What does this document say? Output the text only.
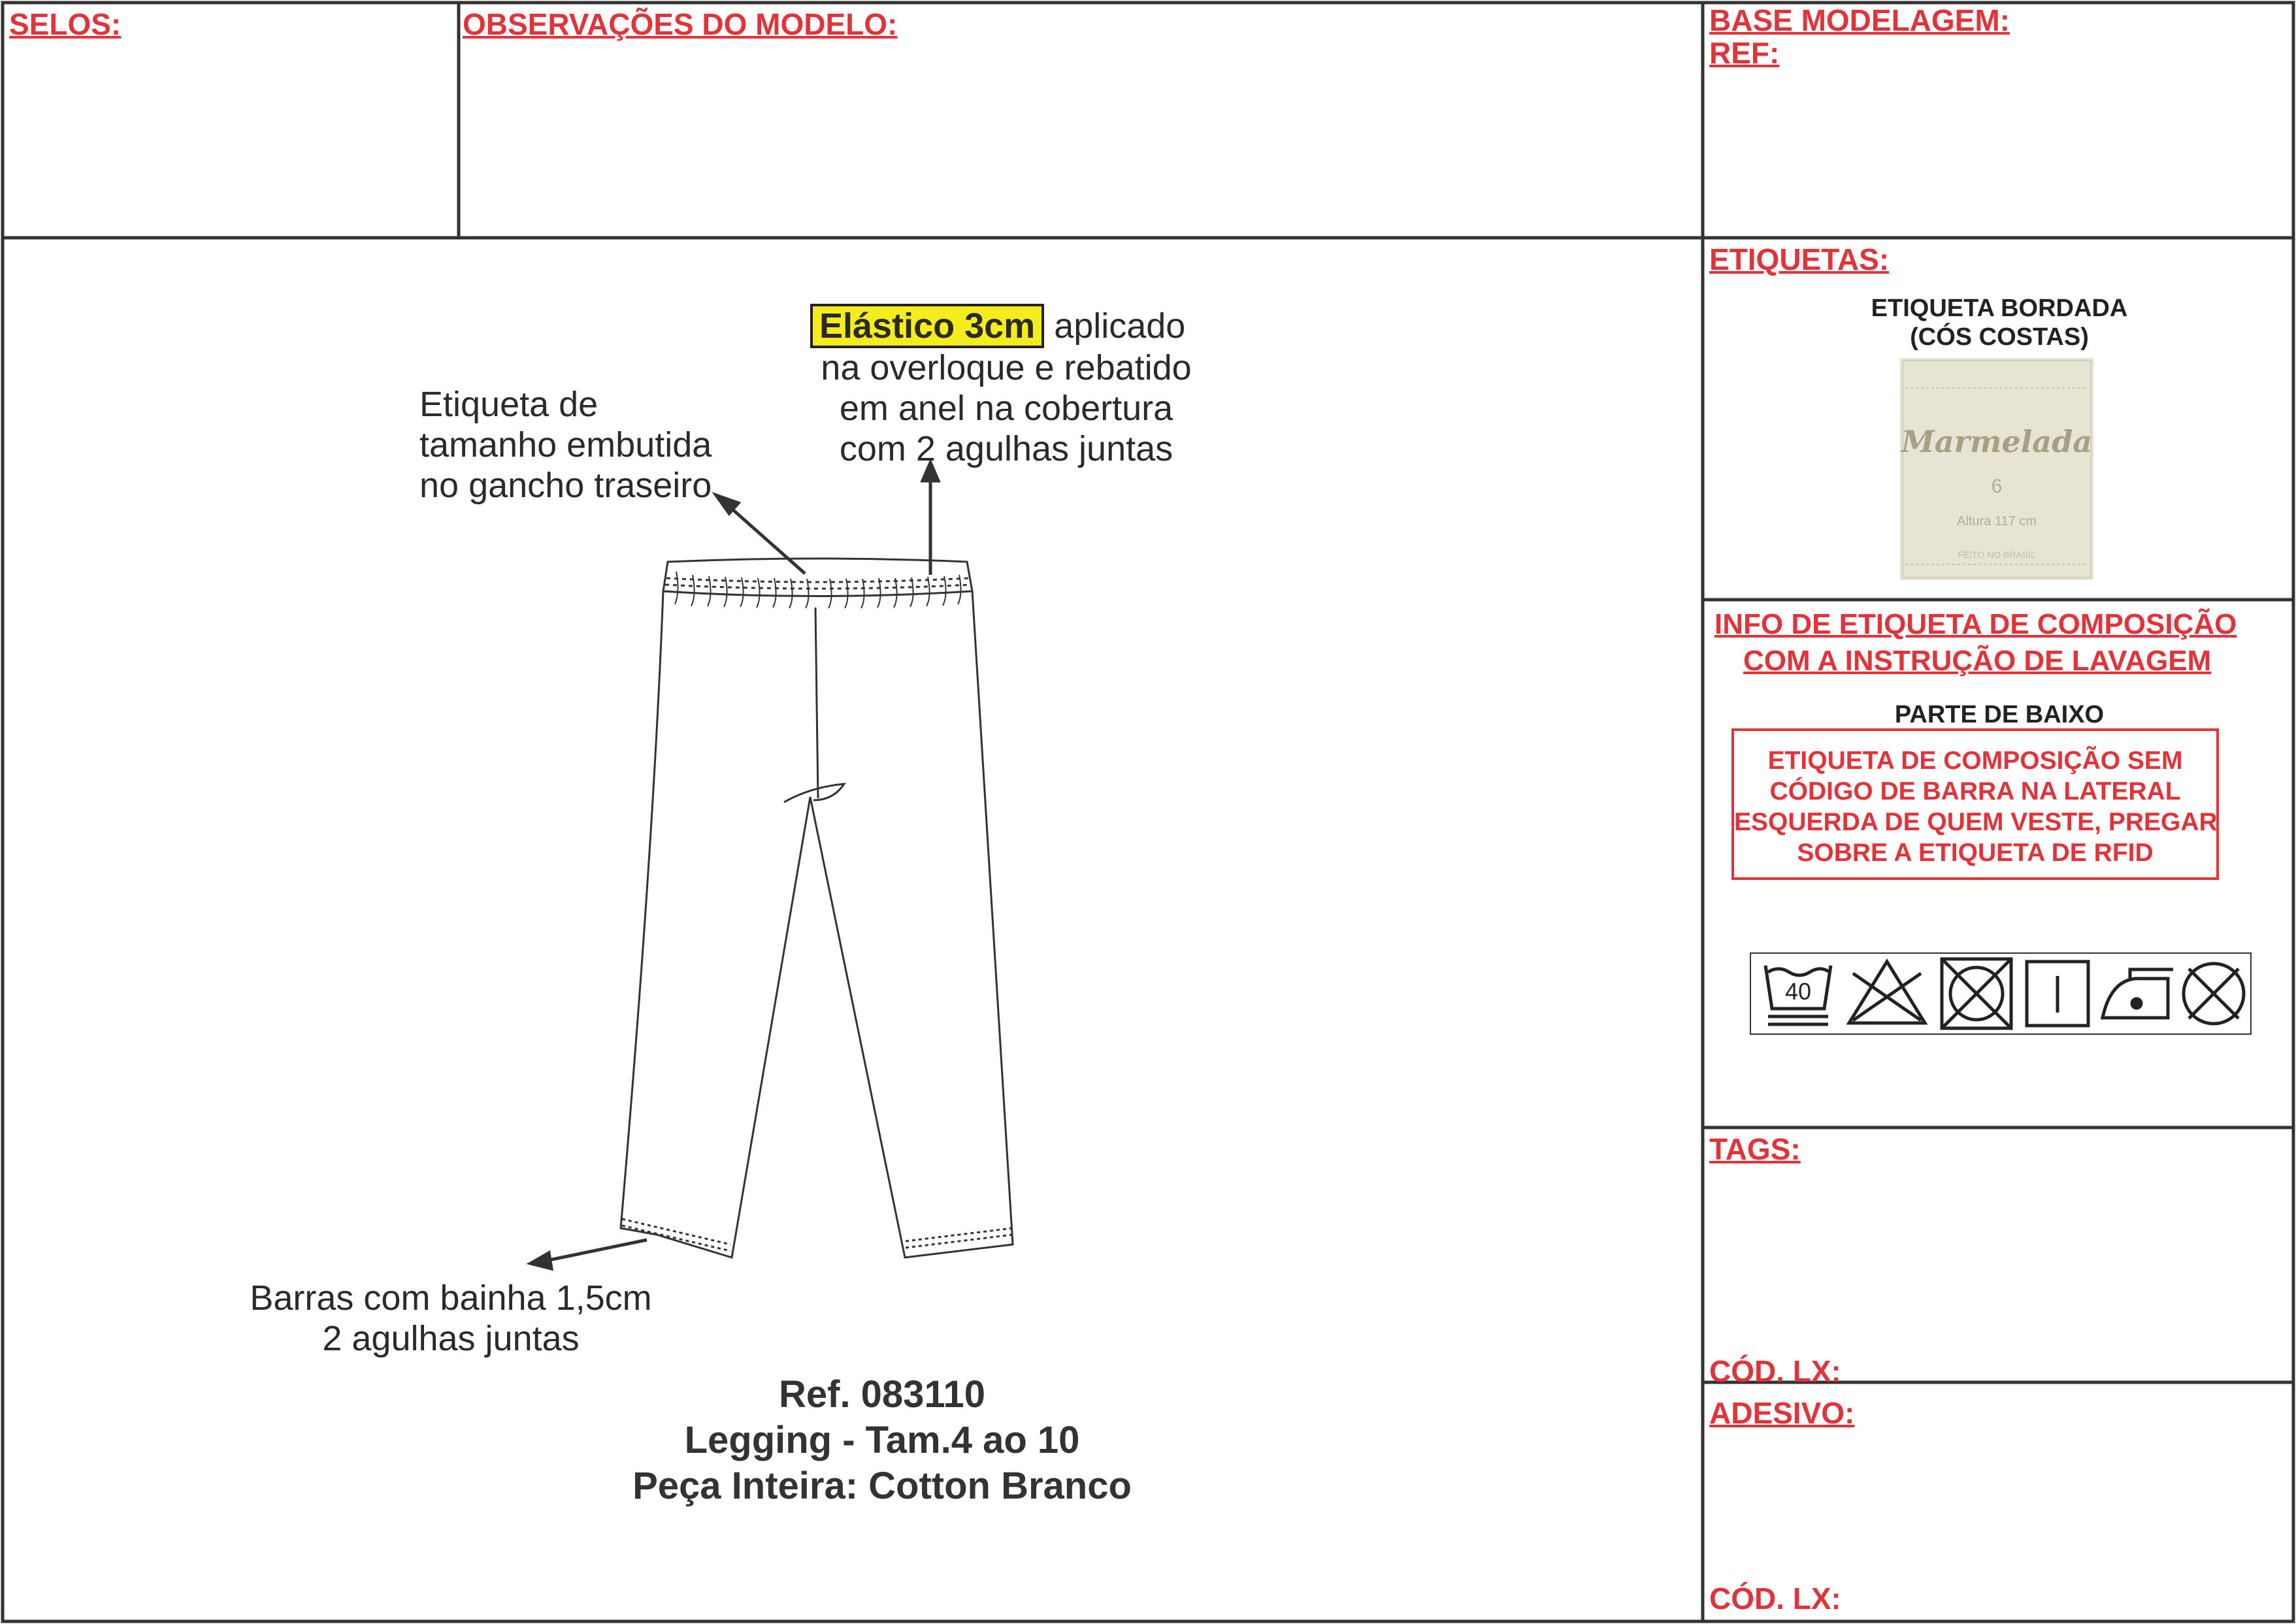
SELOS:	OBSERVAÇÕES DO MODELO:	BASE MODELAGEM:
REF:
Elástico 3cm aplicado
na overloque e rebatido
em anel na cobertura
com 2 agulhas juntas
Etiqueta de
tamanho embutida
no gancho traseiro
Barras com bainha 1,5cm
2 agulhas juntas
Ref. 083110
Legging - Tam.4 ao 10
Peça Inteira: Cotton Branco
ETIQUETAS:
ETIQUETA BORDADA
(CÓS COSTAS)
Marmelada
6
Altura 117 cm
FEITO NO BRASIL
INFO DE ETIQUETA DE COMPOSIÇÃO
COM A INSTRUÇÃO DE LAVAGEM
PARTE DE BAIXO
ETIQUETA DE COMPOSIÇÃO SEM
CÓDIGO DE BARRA NA LATERAL
ESQUERDA DE QUEM VESTE, PREGAR
SOBRE A ETIQUETA DE RFID
40
TAGS:
CÓD. LX:
ADESIVO:
CÓD. LX:
